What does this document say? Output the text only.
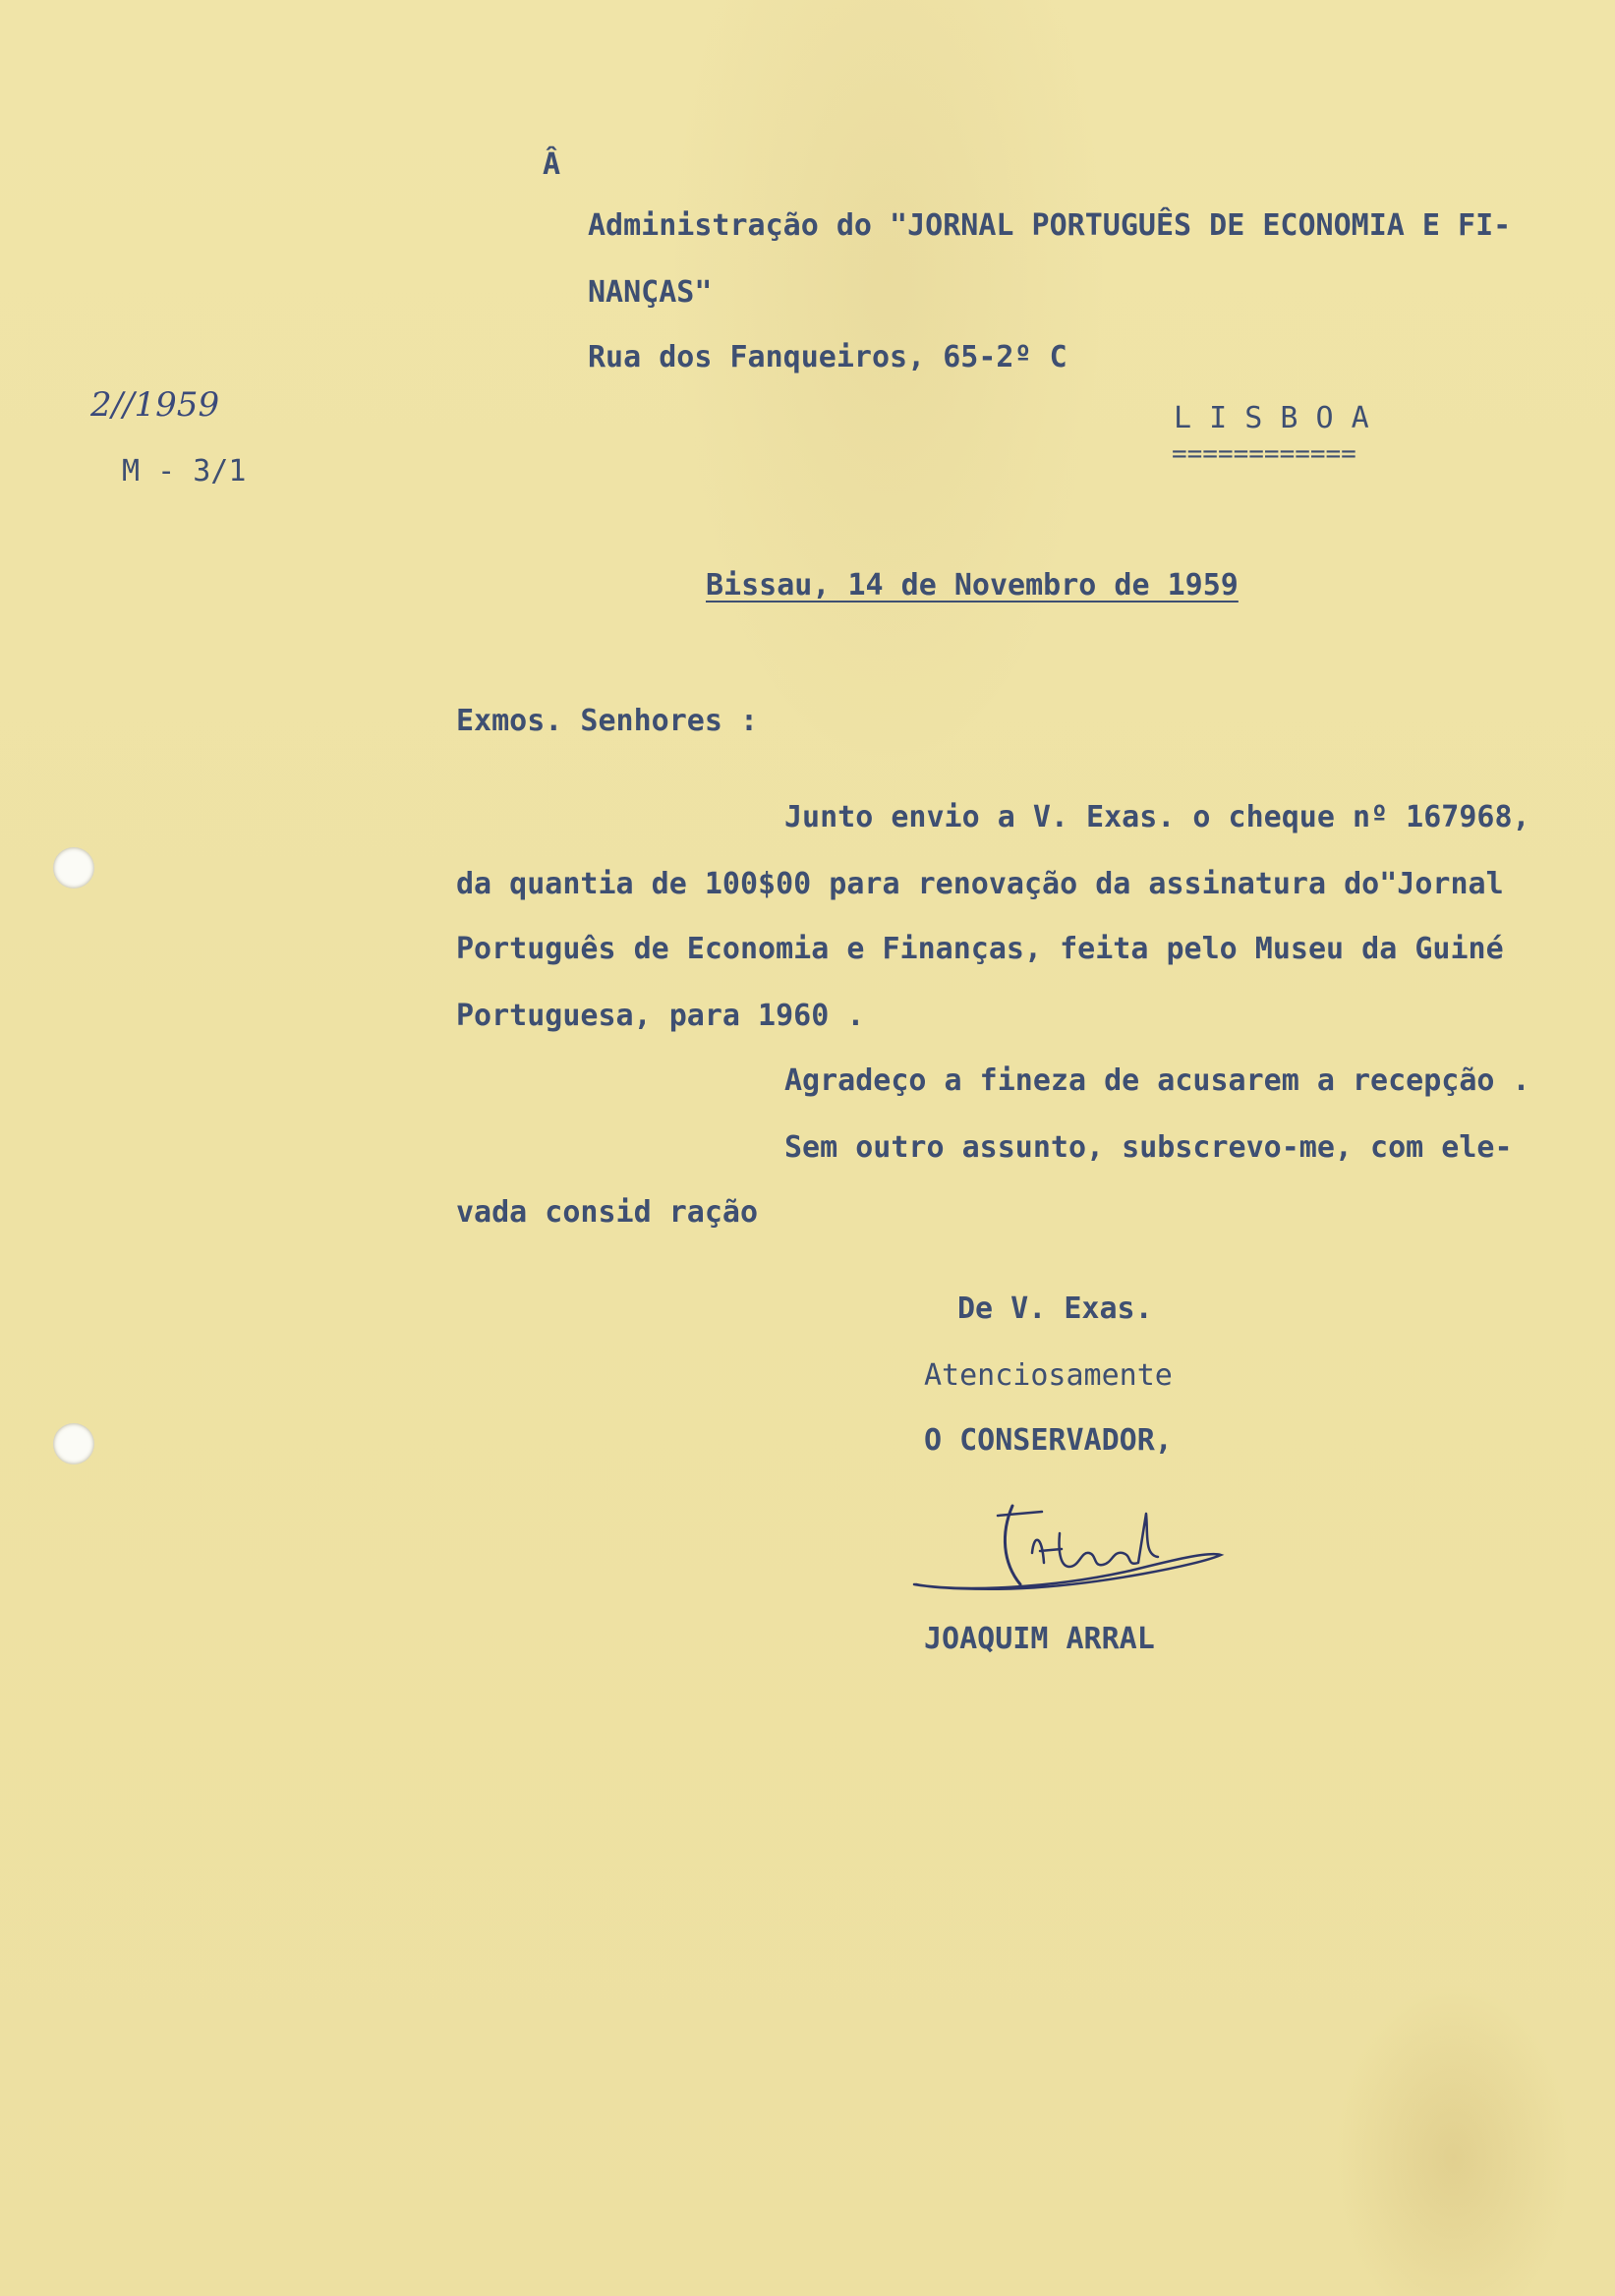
Â

Administração do "JORNAL PORTUGUÊS DE ECONOMIA E FI-

NANÇAS"

Rua dos Fanqueiros, 65-2º C

L I S B O A

============

2//1959

M - 3/1

Bissau, 14 de Novembro de 1959

Exmos. Senhores :

Junto envio a V. Exas. o cheque nº 167968,

da quantia de 100$00 para renovação da assinatura do"Jornal

Português de Economia e Finanças, feita pelo Museu da Guiné

Portuguesa, para 1960 .

Agradeço a fineza de acusarem a recepção .

Sem outro assunto, subscrevo-me, com ele-

vada consid ração

De V. Exas.

Atenciosamente

O CONSERVADOR,

JOAQUIM ARRAL
